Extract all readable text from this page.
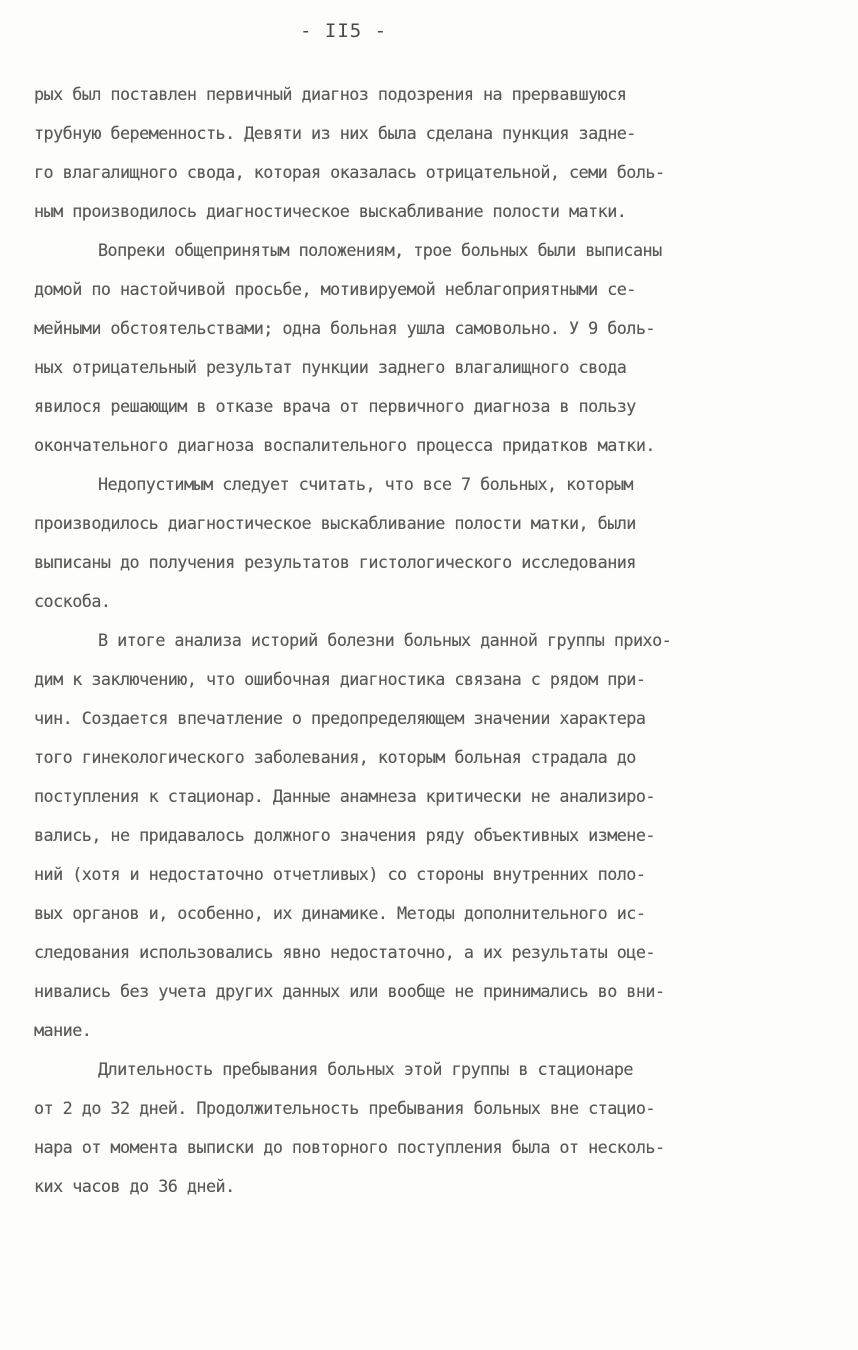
- II5 -
рых был поставлен первичный диагноз подозрения на прервавшуюся
трубную беременность. Девяти из них была сделана пункция задне-
го влагалищного свода, которая оказалась отрицательной, семи боль-
ным производилось диагностическое выскабливание полости матки.
Вопреки общепринятым положениям, трое больных были выписаны
домой по настойчивой просьбе, мотивируемой неблагоприятными се-
мейными обстоятельствами; одна больная ушла самовольно. У 9 боль-
ных отрицательный результат пункции заднего влагалищного свода
явилося решающим в отказе врача от первичного диагноза в пользу
окончательного диагноза воспалительного процесса придатков матки.
Недопустимым следует считать, что все 7 больных, которым
производилось диагностическое выскабливание полости матки, были
выписаны до получения результатов гистологического исследования
соскоба.
В итоге анализа историй болезни больных данной группы прихо-
дим к заключению, что ошибочная диагностика связана с рядом при-
чин. Создается впечатление о предопределяющем значении характера
того гинекологического заболевания, которым больная страдала до
поступления к стационар. Данные анамнеза критически не анализиро-
вались, не придавалось должного значения ряду объективных измене-
ний (хотя и недостаточно отчетливых) со стороны внутренних поло-
вых органов и, особенно, их динамике. Методы дополнительного ис-
следования использовались явно недостаточно, а их результаты оце-
нивались без учета других данных или вообще не принимались во вни-
мание.
Длительность пребывания больных этой группы в стационаре
от 2 до 32 дней. Продолжительность пребывания больных вне стацио-
нара от момента выписки до повторного поступления была от несколь-
ких часов до 36 дней.
